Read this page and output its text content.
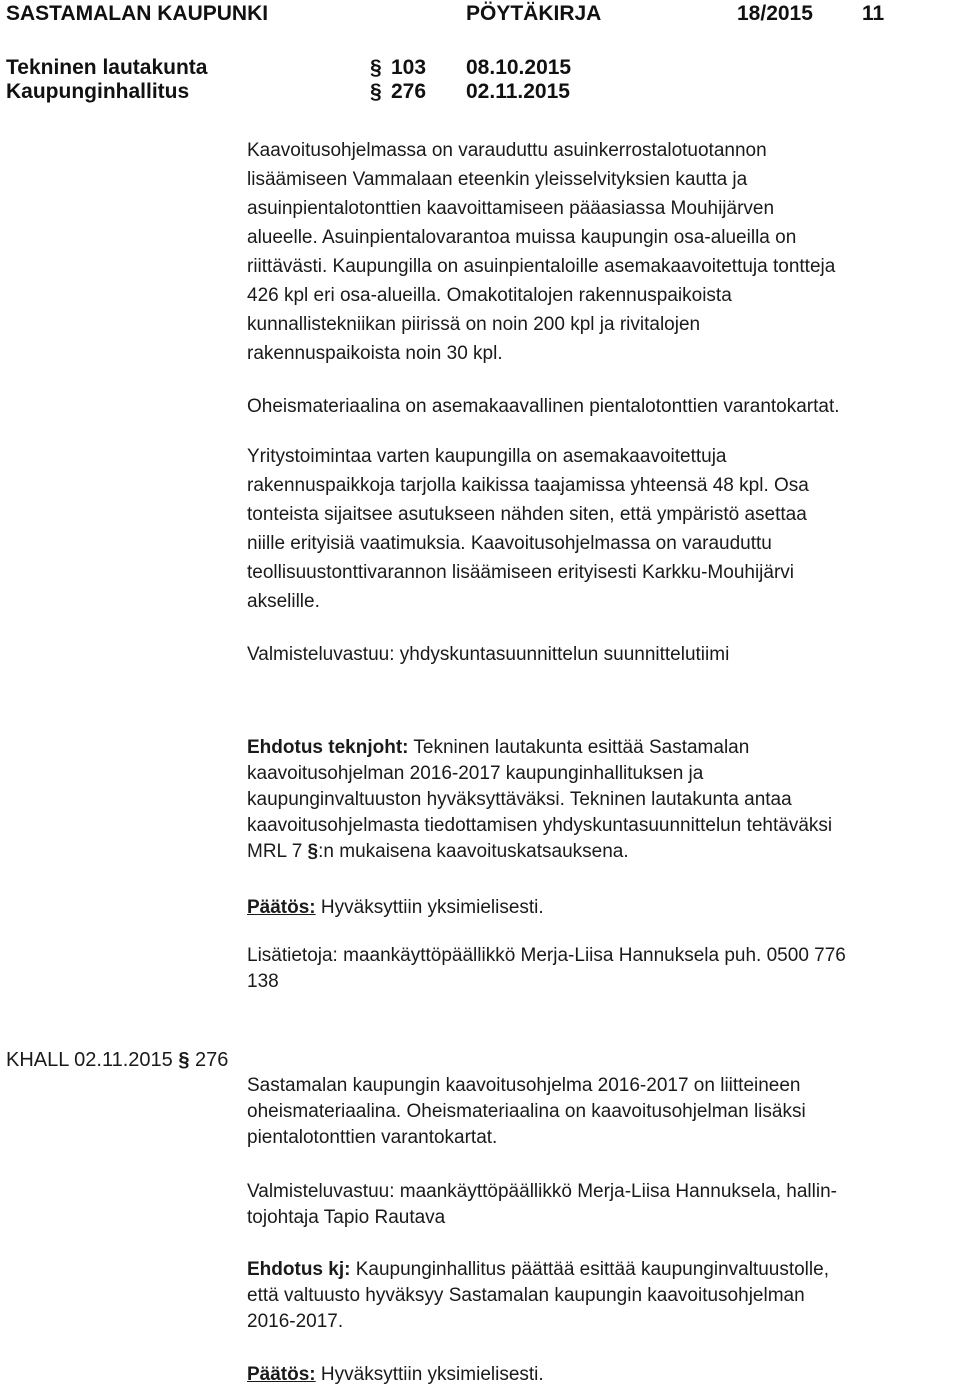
SASTAMALAN KAUPUNKI	PÖYTÄKIRJA	18/2015 11
Tekninen lautakunta	§ 103 08.10.2015
Kaupunginhallitus	§ 276 02.11.2015

Kaavoitusohjelmassa on varauduttu asuinkerrostalotuotannon

lisäämiseen Vammalaan eteenkin yleisselvityksien kautta ja

asuinpientalotonttien kaavoittamiseen pääasiassa Mouhijärven

alueelle. Asuinpientalovarantoa muissa kaupungin osa-alueilla on

riittävästi. Kaupungilla on asuinpientaloille asemakaavoitettuja tontteja

426 kpl eri osa-alueilla. Omakotitalojen rakennuspaikoista

kunnallistekniikan piirissä on noin 200 kpl ja rivitalojen

rakennuspaikoista noin 30 kpl.

Oheismateriaalina on asemakaavallinen pientalotonttien varantokartat.

Yritystoimintaa varten kaupungilla on asemakaavoitettuja

rakennuspaikkoja tarjolla kaikissa taajamissa yhteensä 48 kpl. Osa

tonteista sijaitsee asutukseen nähden siten, että ympäristö asettaa

niille erityisiä vaatimuksia. Kaavoitusohjelmassa on varauduttu

teollisuustonttivarannon lisäämiseen erityisesti Karkku-Mouhijärvi

akselille.

Valmisteluvastuu: yhdyskuntasuunnittelun suunnittelutiimi

Ehdotus teknjoht: Tekninen lautakunta esittää Sastamalan

kaavoitusohjelman 2016-2017 kaupunginhallituksen ja

kaupunginvaltuuston hyväksyttäväksi. Tekninen lautakunta antaa

kaavoitusohjelmasta tiedottamisen yhdyskuntasuunnittelun tehtäväksi

MRL 7 §:n mukaisena kaavoituskatsauksena.

Päätös: Hyväksyttiin yksimielisesti.

Lisätietoja: maankäyttöpäällikkö Merja-Liisa Hannuksela puh. 0500 776

138

KHALL 02.11.2015 § 276

Sastamalan kaupungin kaavoitusohjelma 2016-2017 on liitteineen

oheismateriaalina. Oheismateriaalina on kaavoitusohjelman lisäksi

pientalotonttien varantokartat.

Valmisteluvastuu: maankäyttöpäällikkö Merja-Liisa Hannuksela, hallin-

tojohtaja Tapio Rautava

Ehdotus kj: Kaupunginhallitus päättää esittää kaupunginvaltuustolle,

että valtuusto hyväksyy Sastamalan kaupungin kaavoitusohjelman

2016-2017.

Päätös: Hyväksyttiin yksimielisesti.
